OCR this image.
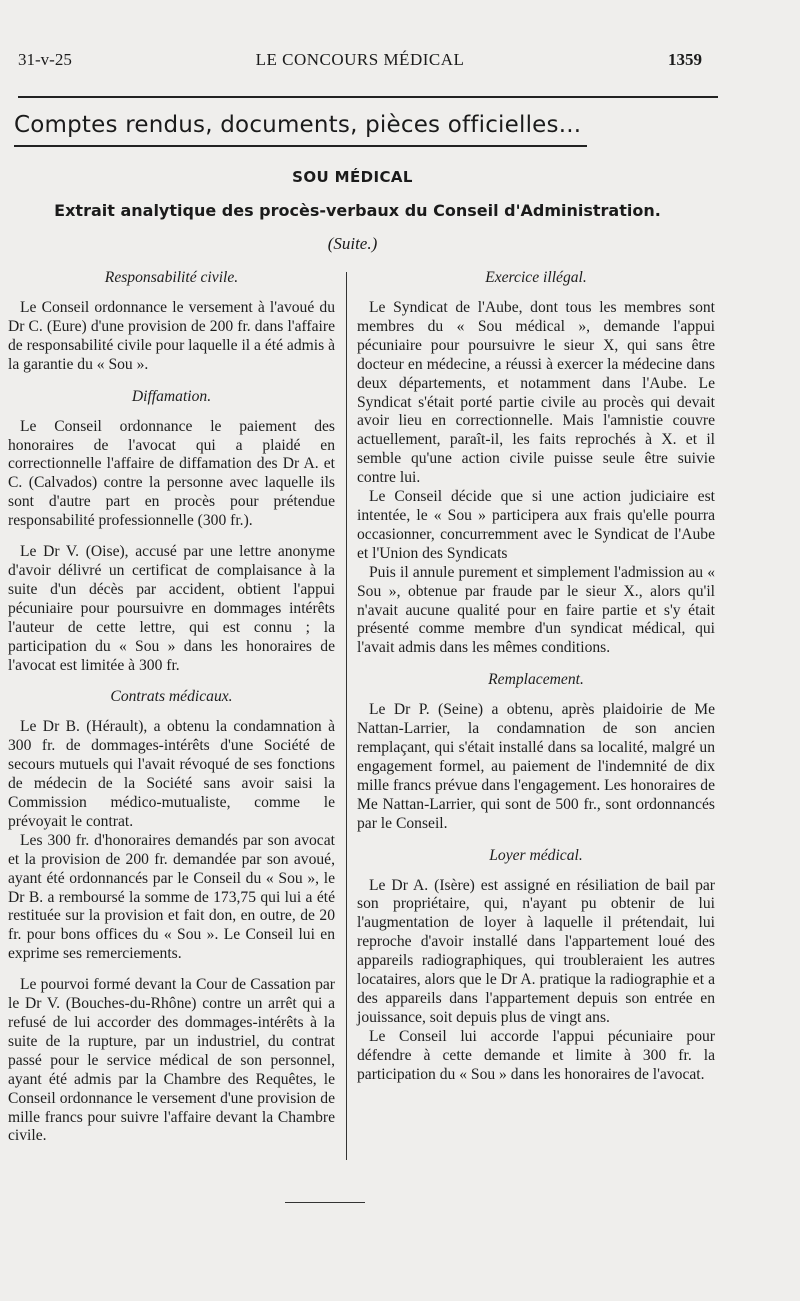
31-v-25	LE CONCOURS MÉDICAL	1359
Comptes rendus, documents, pièces officielles...
SOU MÉDICAL
Extrait analytique des procès-verbaux du Conseil d'Administration.
(Suite.)
Responsabilité civile.

Le Conseil ordonnance le versement à l'avoué du Dr C. (Eure) d'une provision de 200 fr. dans l'affaire de responsabilité civile pour laquelle il a été admis à la garantie du « Sou ».

Diffamation.

Le Conseil ordonnance le paiement des honoraires de l'avocat qui a plaidé en correctionnelle l'affaire de diffamation des Dr A. et C. (Calvados) contre la personne avec laquelle ils sont d'autre part en procès pour prétendue responsabilité professionnelle (300 fr.).

Le Dr V. (Oise), accusé par une lettre anonyme d'avoir délivré un certificat de complaisance à la suite d'un décès par accident, obtient l'appui pécuniaire pour poursuivre en dommages intérêts l'auteur de cette lettre, qui est connu ; la participation du « Sou » dans les honoraires de l'avocat est limitée à 300 fr.

Contrats médicaux.

Le Dr B. (Hérault), a obtenu la condamnation à 300 fr. de dommages-intérêts d'une Société de secours mutuels qui l'avait révoqué de ses fonctions de médecin de la Société sans avoir saisi la Commission médico-mutualiste, comme le prévoyait le contrat.

Les 300 fr. d'honoraires demandés par son avocat et la provision de 200 fr. demandée par son avoué, ayant été ordonnancés par le Conseil du « Sou », le Dr B. a remboursé la somme de 173,75 qui lui a été restituée sur la provision et fait don, en outre, de 20 fr. pour bons offices du « Sou ». Le Conseil lui en exprime ses remerciements.

Le pourvoi formé devant la Cour de Cassation par le Dr V. (Bouches-du-Rhône) contre un arrêt qui a refusé de lui accorder des dommages-intérêts à la suite de la rupture, par un industriel, du contrat passé pour le service médical de son personnel, ayant été admis par la Chambre des Requêtes, le Conseil ordonnance le versement d'une provision de mille francs pour suivre l'affaire devant la Chambre civile.

Exercice illégal.

Le Syndicat de l'Aube, dont tous les membres sont membres du « Sou médical », demande l'appui pécuniaire pour poursuivre le sieur X, qui sans être docteur en médecine, a réussi à exercer la médecine dans deux départements, et notamment dans l'Aube. Le Syndicat s'était porté partie civile au procès qui devait avoir lieu en correctionnelle. Mais l'amnistie couvre actuellement, paraît-il, les faits reprochés à X. et il semble qu'une action civile puisse seule être suivie contre lui.

Le Conseil décide que si une action judiciaire est intentée, le « Sou » participera aux frais qu'elle pourra occasionner, concurremment avec le Syndicat de l'Aube et l'Union des Syndicats

Puis il annule purement et simplement l'admission au « Sou », obtenue par fraude par le sieur X., alors qu'il n'avait aucune qualité pour en faire partie et s'y était présenté comme membre d'un syndicat médical, qui l'avait admis dans les mêmes conditions.

Remplacement.

Le Dr P. (Seine) a obtenu, après plaidoirie de Me Nattan-Larrier, la condamnation de son ancien remplaçant, qui s'était installé dans sa localité, malgré un engagement formel, au paiement de l'indemnité de dix mille francs prévue dans l'engagement. Les honoraires de Me Nattan-Larrier, qui sont de 500 fr., sont ordonnancés par le Conseil.

Loyer médical.

Le Dr A. (Isère) est assigné en résiliation de bail par son propriétaire, qui, n'ayant pu obtenir de lui l'augmentation de loyer à laquelle il prétendait, lui reproche d'avoir installé dans l'appartement loué des appareils radiographiques, qui troubleraient les autres locataires, alors que le Dr A. pratique la radiographie et a des appareils dans l'appartement depuis son entrée en jouissance, soit depuis plus de vingt ans.

Le Conseil lui accorde l'appui pécuniaire pour défendre à cette demande et limite à 300 fr. la participation du « Sou » dans les honoraires de l'avocat.
